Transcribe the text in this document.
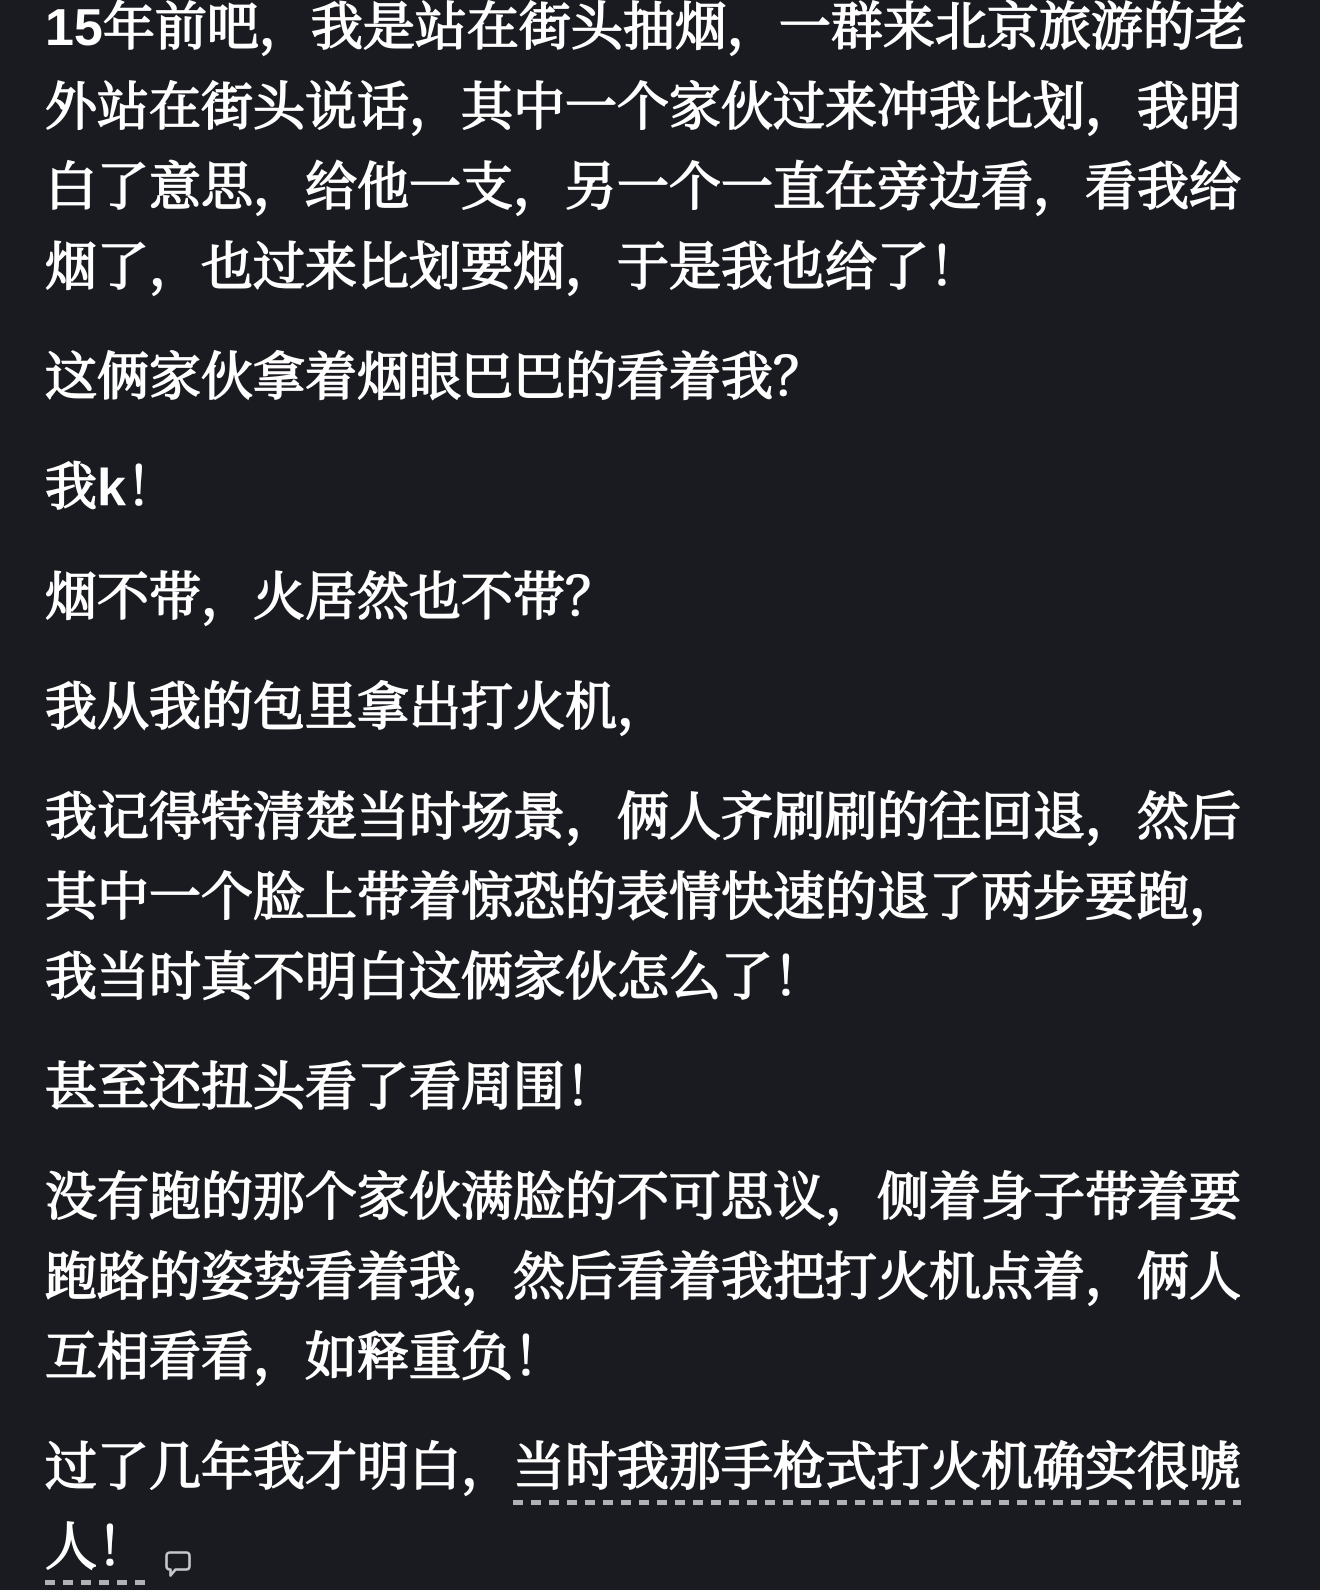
15年前吧，我是站在街头抽烟，一群来北京旅游的老
外站在街头说话，其中一个家伙过来冲我比划，我明
白了意思，给他一支，另一个一直在旁边看，看我给
烟了，也过来比划要烟，于是我也给了！

这俩家伙拿着烟眼巴巴的看着我？

我k！

烟不带，火居然也不带？

我从我的包里拿出打火机，

我记得特清楚当时场景，俩人齐刷刷的往回退，然后
其中一个脸上带着惊恐的表情快速的退了两步要跑，
我当时真不明白这俩家伙怎么了！

甚至还扭头看了看周围！

没有跑的那个家伙满脸的不可思议，侧着身子带着要
跑路的姿势看着我，然后看着我把打火机点着，俩人
互相看看，如释重负！

过了几年我才明白，当时我那手枪式打火机确实很唬
人！
